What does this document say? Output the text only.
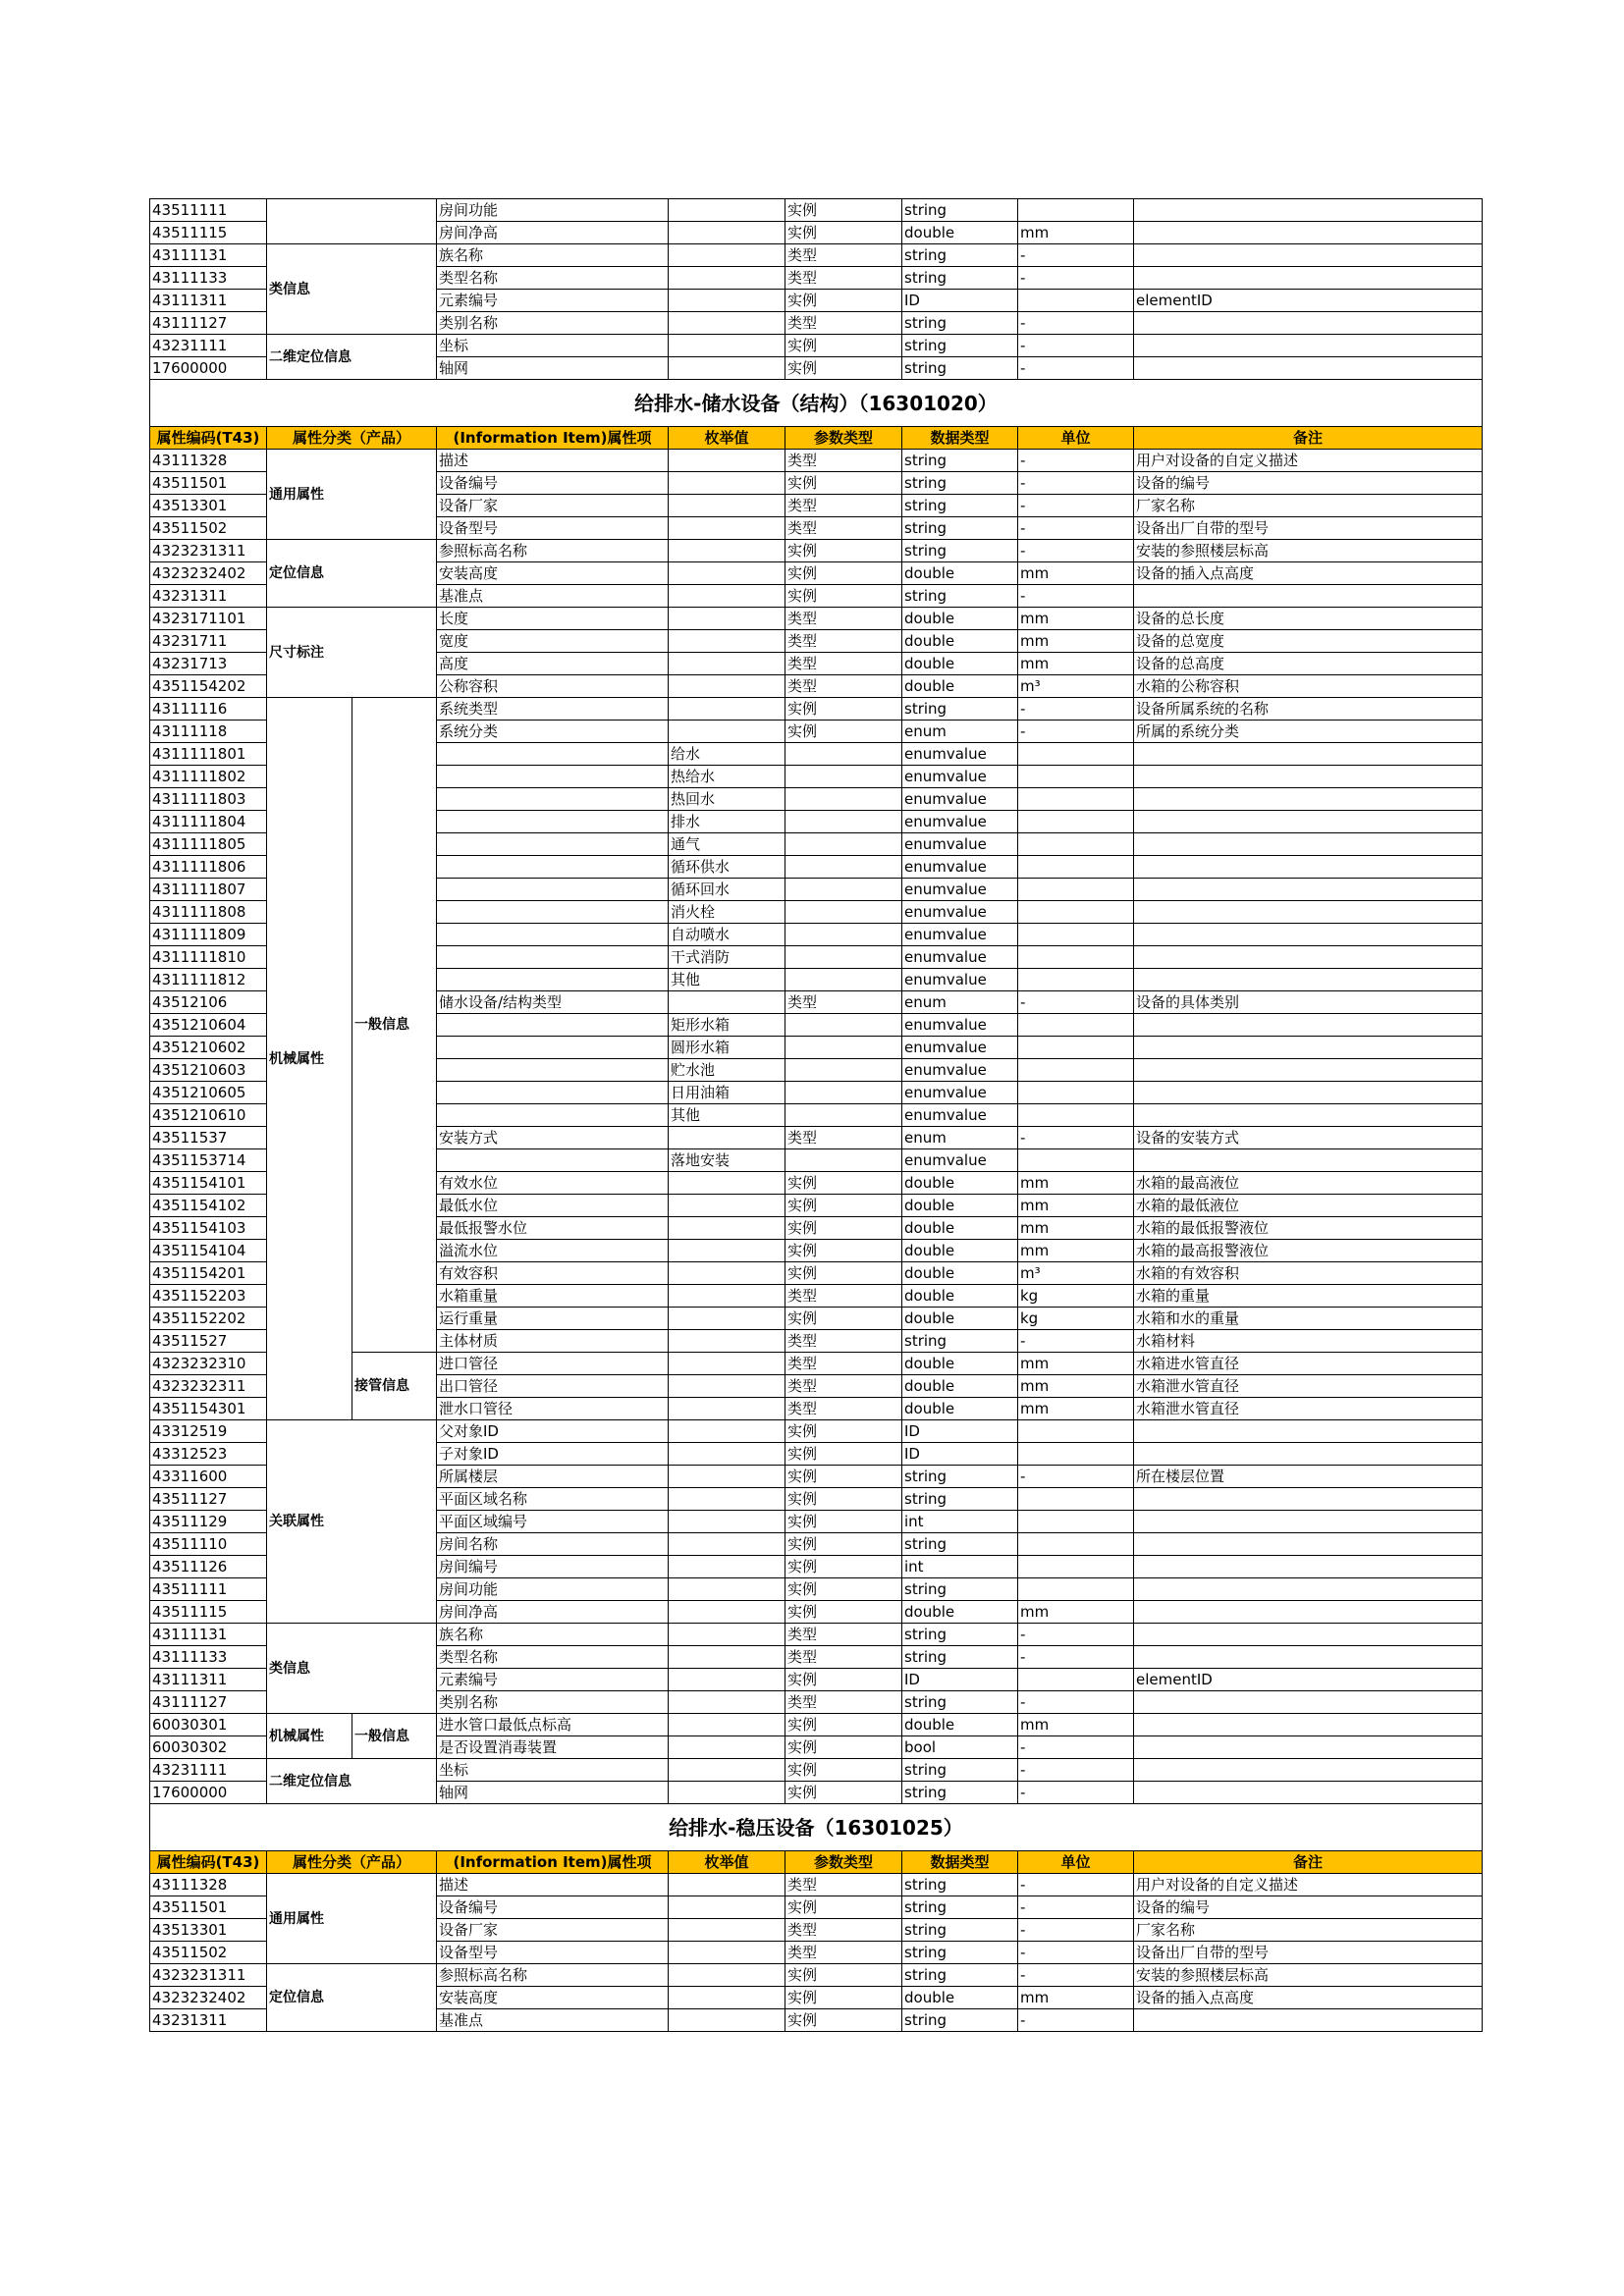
43511111			房间功能		实例	string		
43511115			房间净高		实例	double	mm	
43111131	类信息		族名称		类型	string	-	
43111133			类型名称		类型	string	-	
43111311			元素编号		实例	ID		elementID
43111127			类别名称		类型	string	-	
43231111	二维定位信息		坐标		实例	string	-	
17600000			轴网		实例	string	-	
给排水-储水设备（结构）（16301020）								
属性编码(T43)	属性分类（产品）		(Information Item)属性项	枚举值	参数类型	数据类型	单位	备注
43111328	通用属性		描述		类型	string	-	用户对设备的自定义描述
43511501			设备编号		实例	string	-	设备的编号
43513301			设备厂家		类型	string	-	厂家名称
43511502			设备型号		类型	string	-	设备出厂自带的型号
4323231311	定位信息		参照标高名称		实例	string	-	安装的参照楼层标高
4323232402			安装高度		实例	double	mm	设备的插入点高度
43231311			基准点		实例	string	-	
4323171101	尺寸标注		长度		类型	double	mm	设备的总长度
43231711			宽度		类型	double	mm	设备的总宽度
43231713			高度		类型	double	mm	设备的总高度
4351154202			公称容积		类型	double	m³	水箱的公称容积
43111116	机械属性	一般信息	系统类型		实例	string	-	设备所属系统的名称
43111118			系统分类		实例	enum	-	所属的系统分类
4311111801				给水		enumvalue		
4311111802				热给水		enumvalue		
4311111803				热回水		enumvalue		
4311111804				排水		enumvalue		
4311111805				通气		enumvalue		
4311111806				循环供水		enumvalue		
4311111807				循环回水		enumvalue		
4311111808				消火栓		enumvalue		
4311111809				自动喷水		enumvalue		
4311111810				干式消防		enumvalue		
4311111812				其他		enumvalue		
43512106			储水设备/结构类型		类型	enum	-	设备的具体类别
4351210604				矩形水箱		enumvalue		
4351210602				圆形水箱		enumvalue		
4351210603				贮水池		enumvalue		
4351210605				日用油箱		enumvalue		
4351210610				其他		enumvalue		
43511537			安装方式		类型	enum	-	设备的安装方式
4351153714				落地安装		enumvalue		
4351154101			有效水位		实例	double	mm	水箱的最高液位
4351154102			最低水位		实例	double	mm	水箱的最低液位
4351154103			最低报警水位		实例	double	mm	水箱的最低报警液位
4351154104			溢流水位		实例	double	mm	水箱的最高报警液位
4351154201			有效容积		实例	double	m³	水箱的有效容积
4351152203			水箱重量		类型	double	kg	水箱的重量
4351152202			运行重量		实例	double	kg	水箱和水的重量
43511527			主体材质		类型	string	-	水箱材料
4323232310		接管信息	进口管径		类型	double	mm	水箱进水管直径
4323232311			出口管径		类型	double	mm	水箱泄水管直径
4351154301			泄水口管径		类型	double	mm	水箱泄水管直径
43312519	关联属性		父对象ID		实例	ID		
43312523			子对象ID		实例	ID		
43311600			所属楼层		实例	string	-	所在楼层位置
43511127			平面区域名称		实例	string		
43511129			平面区域编号		实例	int		
43511110			房间名称		实例	string		
43511126			房间编号		实例	int		
43511111			房间功能		实例	string		
43511115			房间净高		实例	double	mm	
43111131	类信息		族名称		类型	string	-	
43111133			类型名称		类型	string	-	
43111311			元素编号		实例	ID		elementID
43111127			类别名称		类型	string	-	
60030301	机械属性	一般信息	进水管口最低点标高		实例	double	mm	
60030302			是否设置消毒装置		实例	bool	-	
43231111	二维定位信息		坐标		实例	string	-	
17600000			轴网		实例	string	-	
给排水-稳压设备（16301025）								
属性编码(T43)	属性分类（产品）		(Information Item)属性项	枚举值	参数类型	数据类型	单位	备注
43111328	通用属性		描述		类型	string	-	用户对设备的自定义描述
43511501			设备编号		实例	string	-	设备的编号
43513301			设备厂家		类型	string	-	厂家名称
43511502			设备型号		类型	string	-	设备出厂自带的型号
4323231311	定位信息		参照标高名称		实例	string	-	安装的参照楼层标高
4323232402			安装高度		实例	double	mm	设备的插入点高度
43231311			基准点		实例	string	-	
